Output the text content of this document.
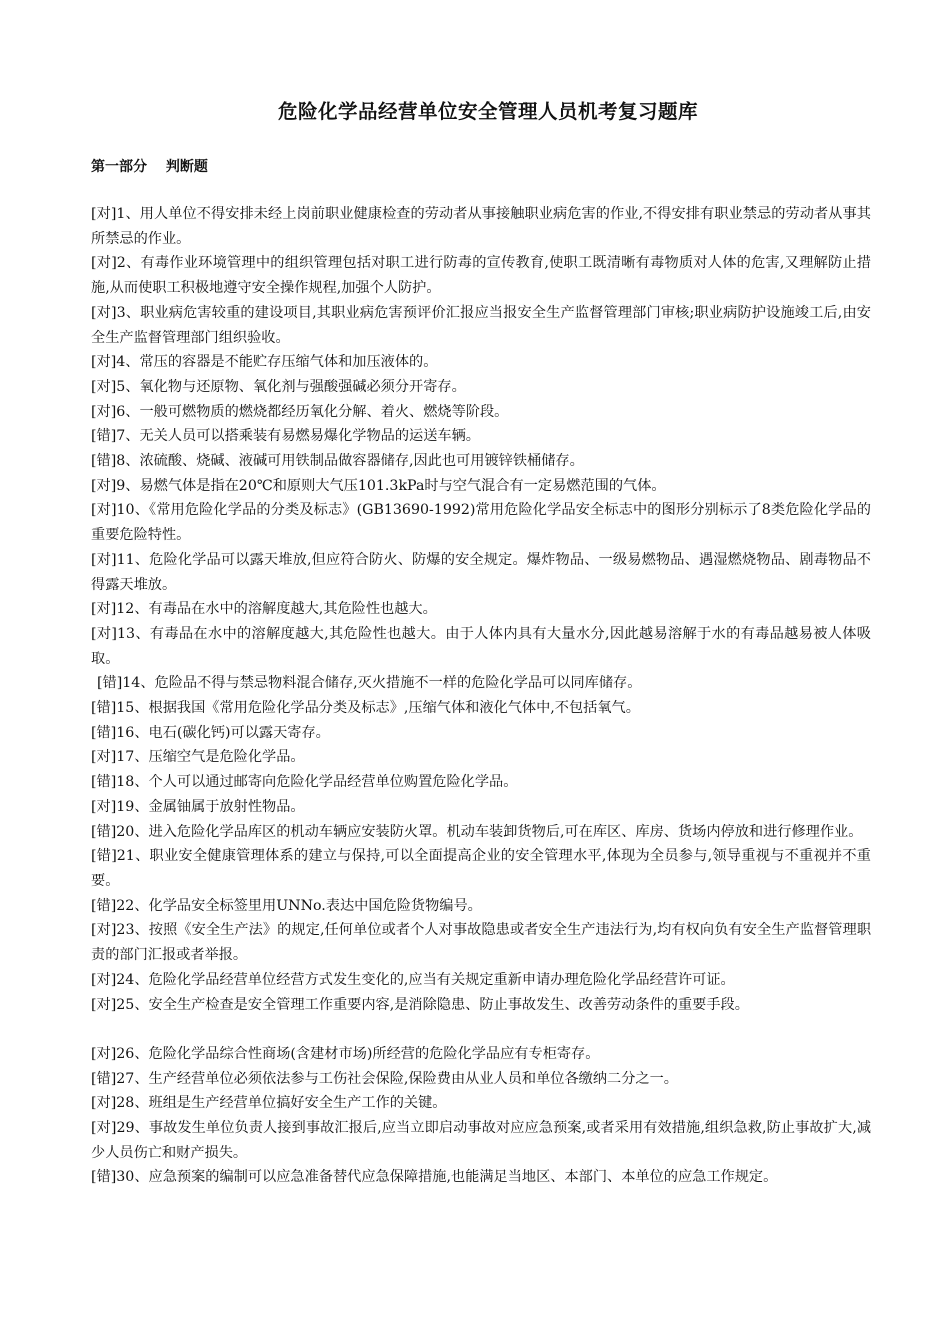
危险化学品经营单位安全管理人员机考复习题库
第一部分　 判断题

[对]1、用人单位不得安排未经上岗前职业健康检查的劳动者从事接触职业病危害的作业,不得安排有职业禁忌的劳动者从事其所禁忌的作业。

[对]2、有毒作业环境管理中的组织管理包括对职工进行防毒的宣传教育,使职工既清晰有毒物质对人体的危害,又理解防止措施,从而使职工积极地遵守安全操作规程,加强个人防护。

[对]3、职业病危害较重的建设项目,其职业病危害预评价汇报应当报安全生产监督管理部门审核;职业病防护设施竣工后,由安全生产监督管理部门组织验收。

[对]4、常压的容器是不能贮存压缩气体和加压液体的。

[对]5、氧化物与还原物、氧化剂与强酸强碱必须分开寄存。

[对]6、一般可燃物质的燃烧都经历氧化分解、着火、燃烧等阶段。

[错]7、无关人员可以搭乘装有易燃易爆化学物品的运送车辆。

[错]8、浓硫酸、烧碱、液碱可用铁制品做容器储存,因此也可用镀锌铁桶储存。

[对]9、易燃气体是指在20℃和原则大气压101.3kPa时与空气混合有一定易燃范围的气体。

[对]10、《常用危险化学品的分类及标志》(GB13690-1992)常用危险化学品安全标志中的图形分别标示了8类危险化学品的重要危险特性。

[对]11、危险化学品可以露天堆放,但应符合防火、防爆的安全规定。爆炸物品、一级易燃物品、遇湿燃烧物品、剧毒物品不得露天堆放。

[对]12、有毒品在水中的溶解度越大,其危险性也越大。

[对]13、有毒品在水中的溶解度越大,其危险性也越大。由于人体内具有大量水分,因此越易溶解于水的有毒品越易被人体吸取。

[错]14、危险品不得与禁忌物料混合储存,灭火措施不一样的危险化学品可以同库储存。

[错]15、根据我国《常用危险化学品分类及标志》,压缩气体和液化气体中,不包括氧气。

[错]16、电石(碳化钙)可以露天寄存。

[对]17、压缩空气是危险化学品。

[错]18、个人可以通过邮寄向危险化学品经营单位购置危险化学品。

[对]19、金属铀属于放射性物品。

[错]20、进入危险化学品库区的机动车辆应安装防火罩。机动车装卸货物后,可在库区、库房、货场内停放和进行修理作业。

[错]21、职业安全健康管理体系的建立与保持,可以全面提高企业的安全管理水平,体现为全员参与,领导重视与不重视并不重要。

[错]22、化学品安全标签里用UNNo.表达中国危险货物编号。

[对]23、按照《安全生产法》的规定,任何单位或者个人对事故隐患或者安全生产违法行为,均有权向负有安全生产监督管理职责的部门汇报或者举报。

[对]24、危险化学品经营单位经营方式发生变化的,应当有关规定重新申请办理危险化学品经营许可证。

[对]25、安全生产检查是安全管理工作重要内容,是消除隐患、防止事故发生、改善劳动条件的重要手段。

[对]26、危险化学品综合性商场(含建材市场)所经营的危险化学品应有专柜寄存。

[错]27、生产经营单位必须依法参与工伤社会保险,保险费由从业人员和单位各缴纳二分之一。

[对]28、班组是生产经营单位搞好安全生产工作的关键。

[对]29、事故发生单位负责人接到事故汇报后,应当立即启动事故对应应急预案,或者采用有效措施,组织急救,防止事故扩大,减少人员伤亡和财产损失。

[错]30、应急预案的编制可以应急准备替代应急保障措施,也能满足当地区、本部门、本单位的应急工作规定。
